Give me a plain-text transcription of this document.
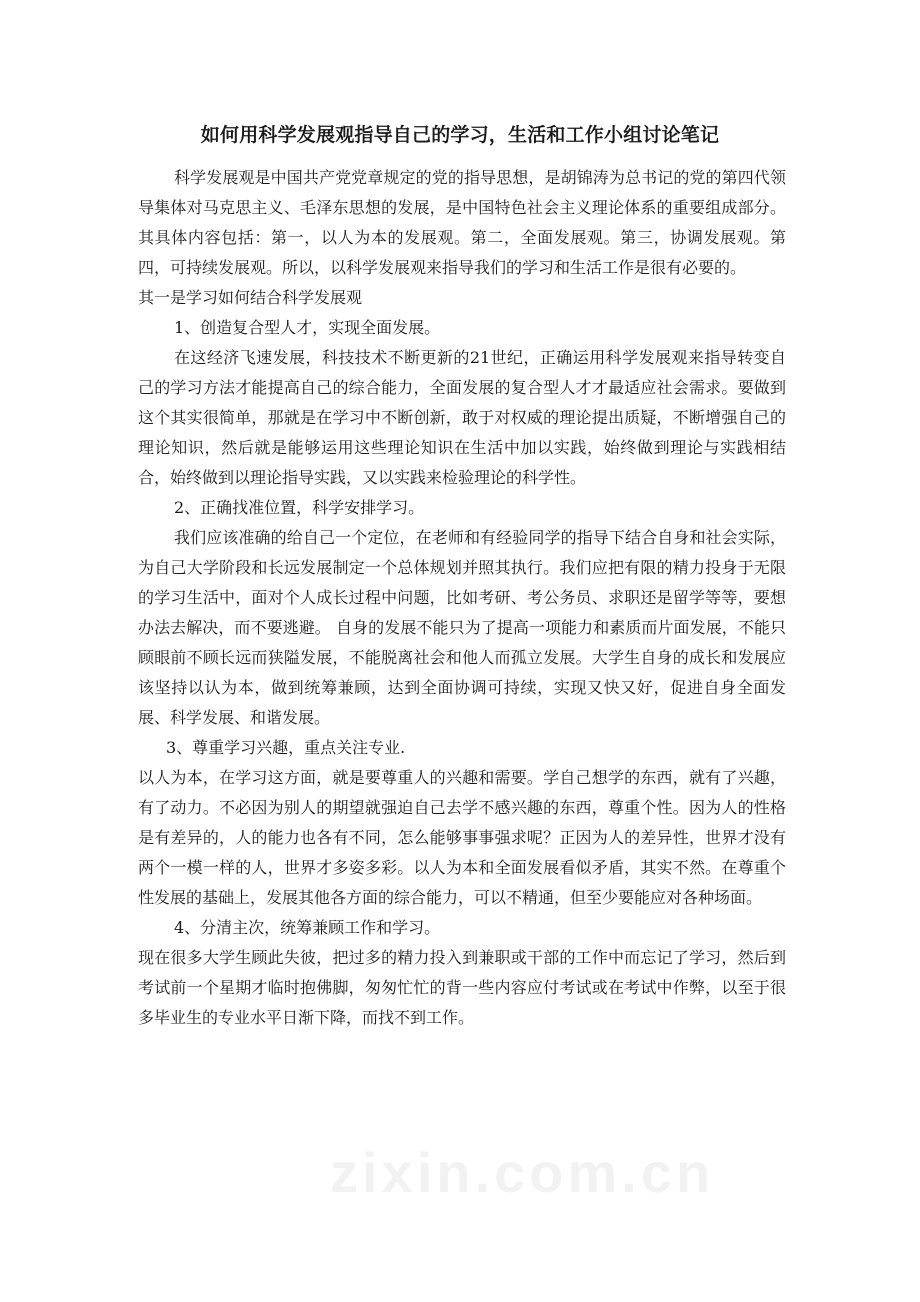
如何用科学发展观指导自己的学习，生活和工作小组讨论笔记

科学发展观是中国共产党党章规定的党的指导思想，是胡锦涛为总书记的党的第四代领导集体对马克思主义、毛泽东思想的发展，是中国特色社会主义理论体系的重要组成部分。其具体内容包括：第一，以人为本的发展观。第二，全面发展观。第三，协调发展观。第四，可持续发展观。所以，以科学发展观来指导我们的学习和生活工作是很有必要的。

其一是学习如何结合科学发展观

1、创造复合型人才，实现全面发展。

在这经济飞速发展，科技技术不断更新的21世纪，正确运用科学发展观来指导转变自己的学习方法才能提高自己的综合能力，全面发展的复合型人才才最适应社会需求。要做到这个其实很简单，那就是在学习中不断创新，敢于对权威的理论提出质疑，不断增强自己的理论知识，然后就是能够运用这些理论知识在生活中加以实践，始终做到理论与实践相结合，始终做到以理论指导实践，又以实践来检验理论的科学性。

2、正确找准位置，科学安排学习。

我们应该准确的给自己一个定位，在老师和有经验同学的指导下结合自身和社会实际，为自己大学阶段和长远发展制定一个总体规划并照其执行。我们应把有限的精力投身于无限的学习生活中，面对个人成长过程中问题，比如考研、考公务员、求职还是留学等等，要想办法去解决，而不要逃避。 自身的发展不能只为了提高一项能力和素质而片面发展，不能只顾眼前不顾长远而狭隘发展，不能脱离社会和他人而孤立发展。大学生自身的成长和发展应该坚持以认为本，做到统筹兼顾，达到全面协调可持续，实现又快又好，促进自身全面发展、科学发展、和谐发展。

3、尊重学习兴趣，重点关注专业.

以人为本，在学习这方面，就是要尊重人的兴趣和需要。学自己想学的东西，就有了兴趣，有了动力。不必因为别人的期望就强迫自己去学不感兴趣的东西，尊重个性。因为人的性格是有差异的，人的能力也各有不同，怎么能够事事强求呢？正因为人的差异性，世界才没有两个一模一样的人，世界才多姿多彩。以人为本和全面发展看似矛盾，其实不然。在尊重个性发展的基础上，发展其他各方面的综合能力，可以不精通，但至少要能应对各种场面。

4、分清主次，统筹兼顾工作和学习。

现在很多大学生顾此失彼，把过多的精力投入到兼职或干部的工作中而忘记了学习，然后到考试前一个星期才临时抱佛脚，匆匆忙忙的背一些内容应付考试或在考试中作弊，以至于很多毕业生的专业水平日渐下降，而找不到工作。

zixin.com.cn
